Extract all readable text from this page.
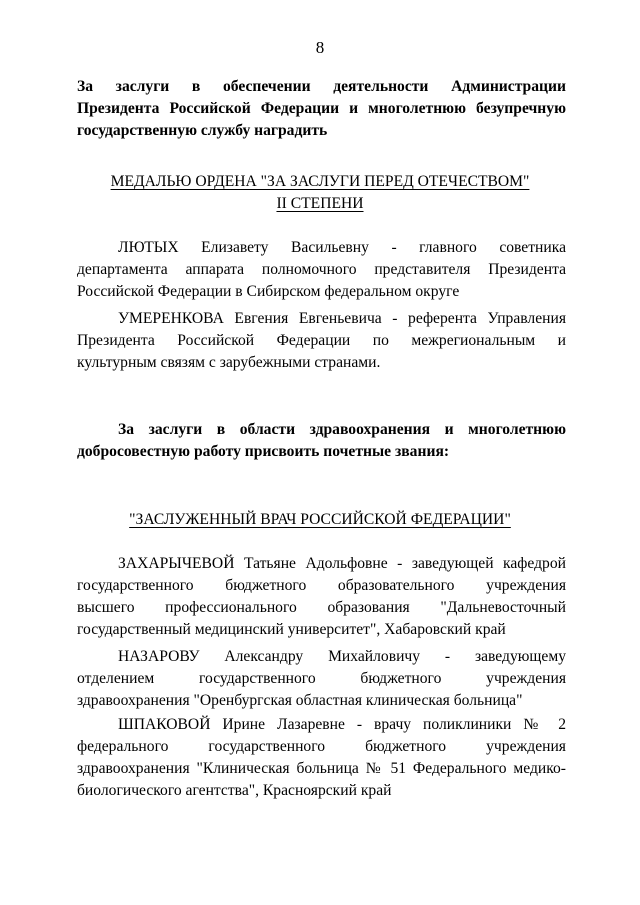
8
За заслуги в обеспечении деятельности Администрации
Президента Российской Федерации и многолетнюю безупречную
государственную службу наградить
МЕДАЛЬЮ ОРДЕНА "ЗА ЗАСЛУГИ ПЕРЕД ОТЕЧЕСТВОМ"
II СТЕПЕНИ
ЛЮТЫХ Елизавету Васильевну - главного советника
департамента аппарата полномочного представителя Президента
Российской Федерации в Сибирском федеральном округе
УМЕРЕНКОВА Евгения Евгеньевича - референта Управления
Президента Российской Федерации по межрегиональным и
культурным связям с зарубежными странами.
За заслуги в области здравоохранения и многолетнюю
добросовестную работу присвоить почетные звания:
"ЗАСЛУЖЕННЫЙ ВРАЧ РОССИЙСКОЙ ФЕДЕРАЦИИ"
ЗАХАРЫЧЕВОЙ Татьяне Адольфовне - заведующей кафедрой
государственного бюджетного образовательного учреждения
высшего профессионального образования "Дальневосточный
государственный медицинский университет", Хабаровский край
НАЗАРОВУ Александру Михайловичу - заведующему
отделением государственного бюджетного учреждения
здравоохранения "Оренбургская областная клиническая больница"
ШПАКОВОЙ Ирине Лазаревне - врачу поликлиники № 2
федерального государственного бюджетного учреждения
здравоохранения "Клиническая больница № 51 Федерального медико-
биологического агентства", Красноярский край
